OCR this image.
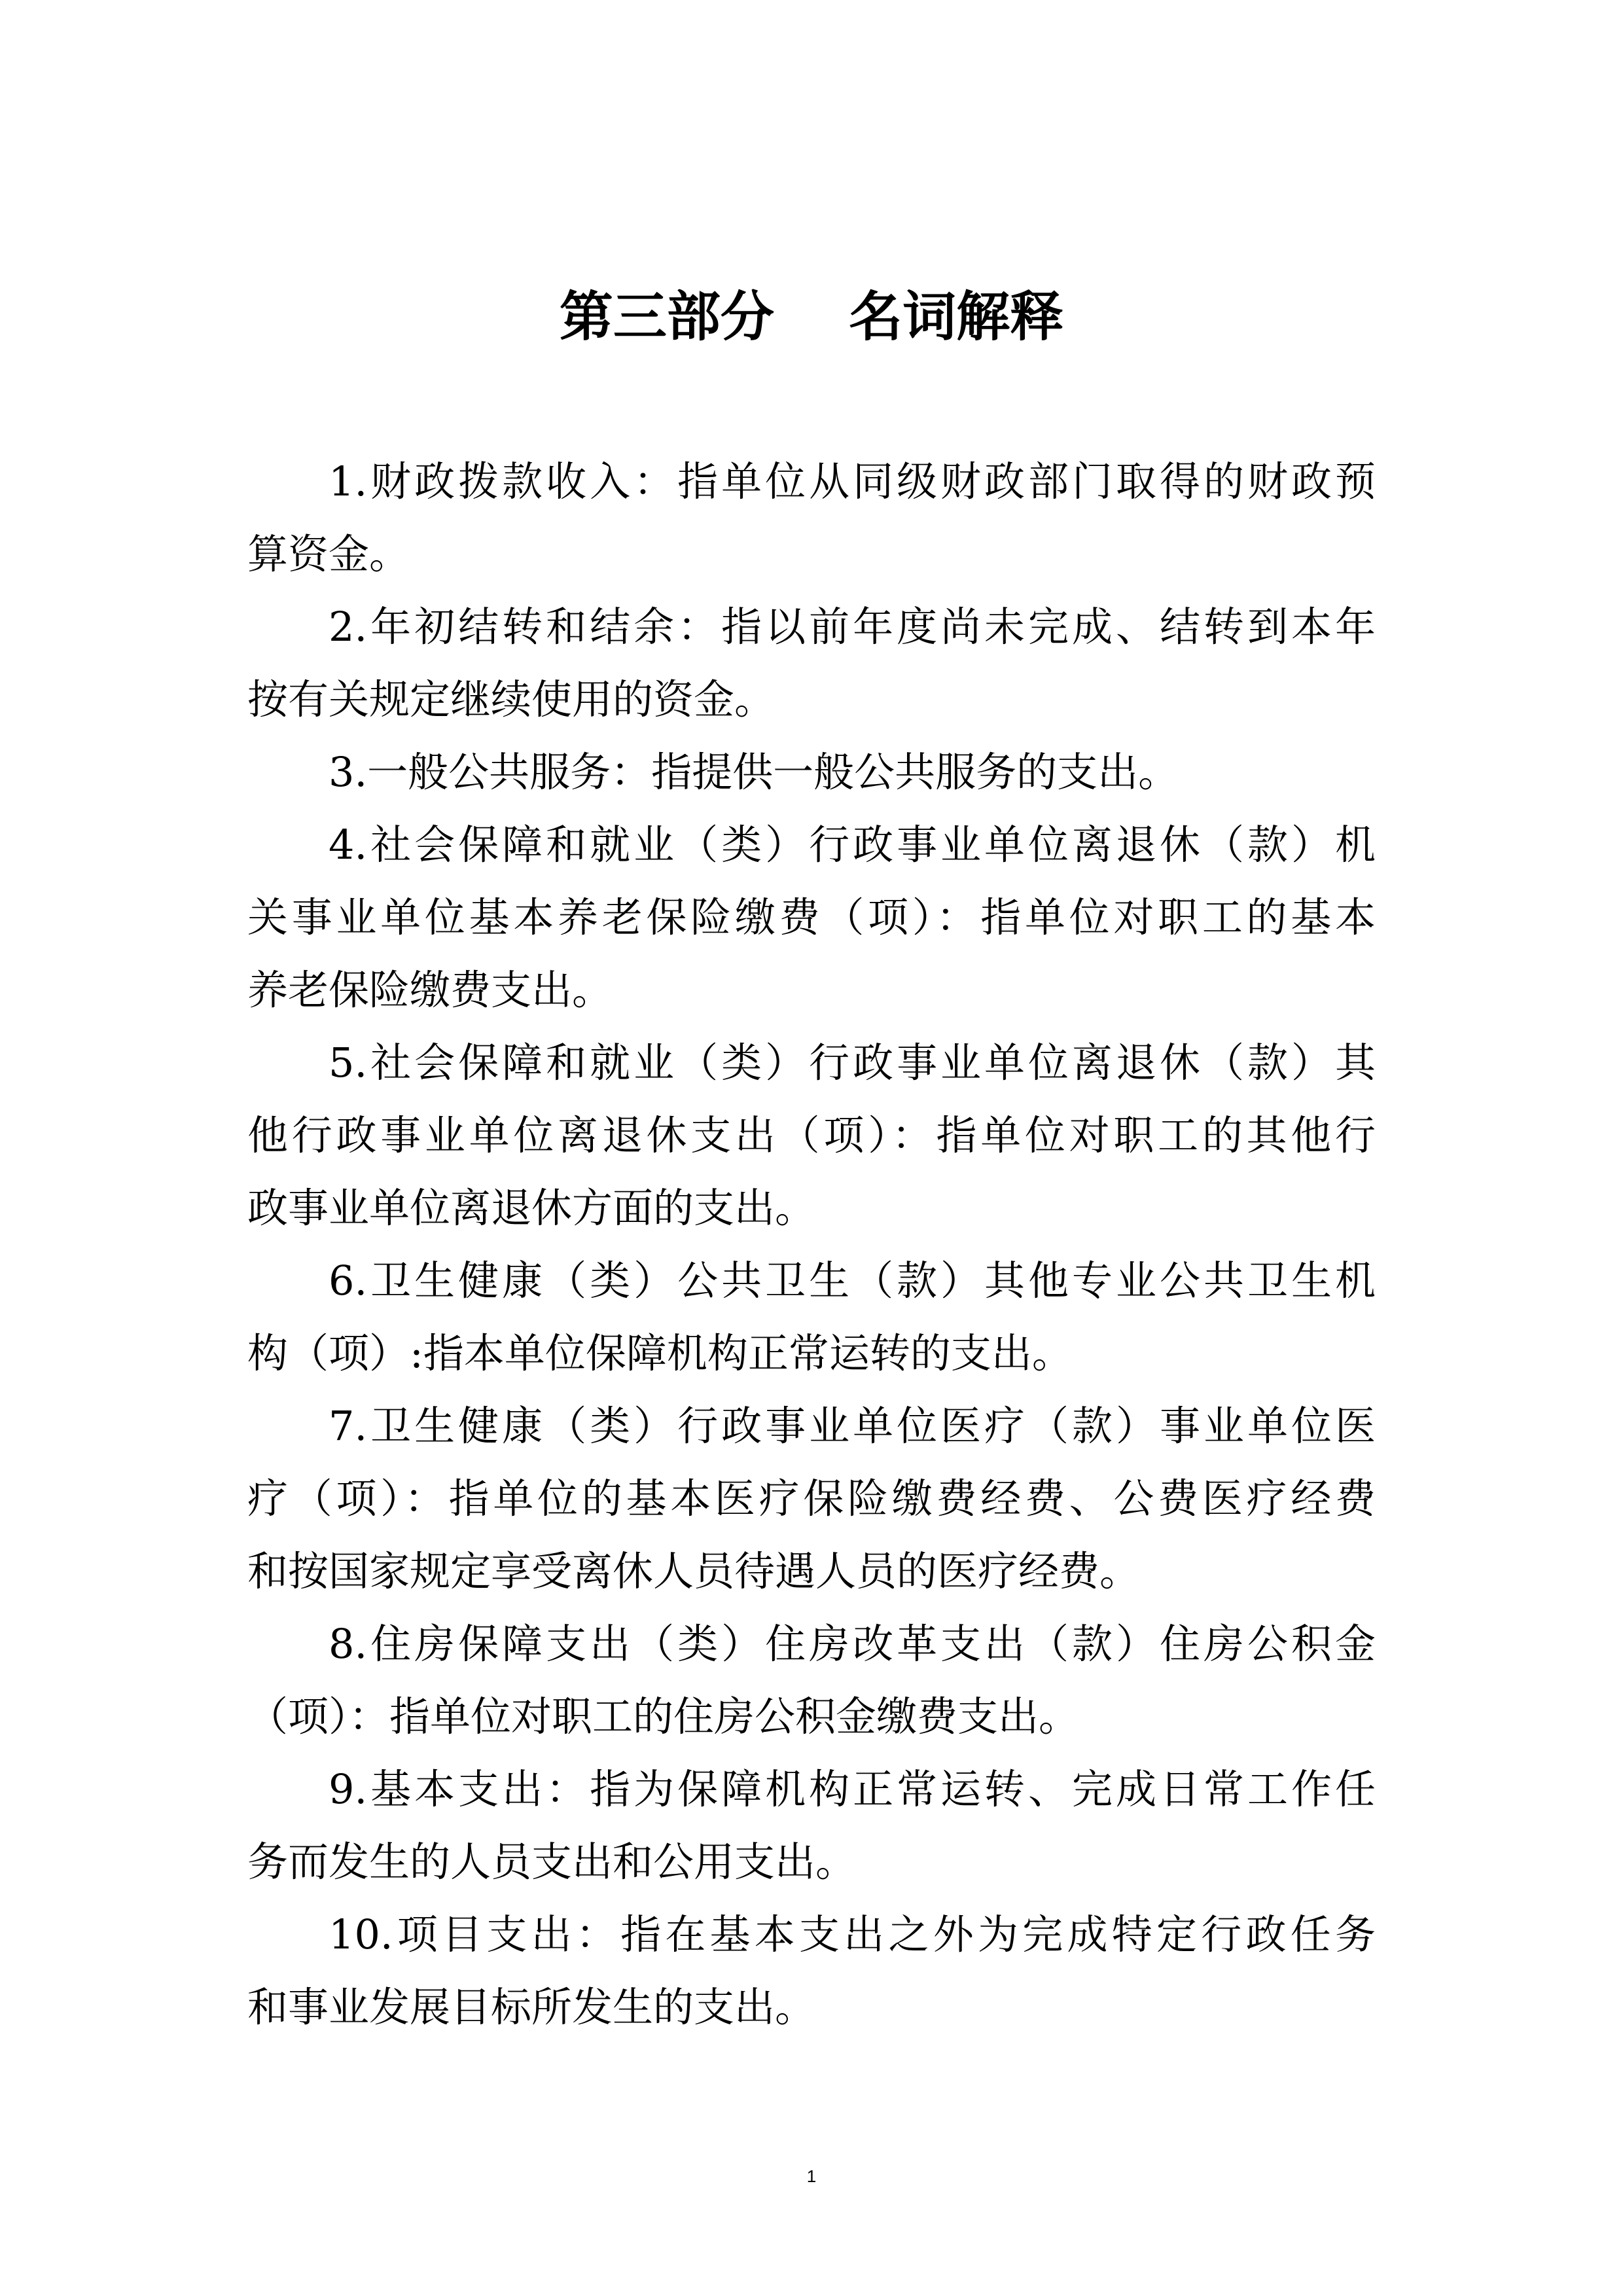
第三部分    名词解释
1.财政拨款收入：指单位从同级财政部门取得的财政预
算资金。
2.年初结转和结余：指以前年度尚未完成、结转到本年
按有关规定继续使用的资金。
3.一般公共服务：指提供一般公共服务的支出。
4.社会保障和就业（类）行政事业单位离退休（款）机
关事业单位基本养老保险缴费（项）：指单位对职工的基本
养老保险缴费支出。
5.社会保障和就业（类）行政事业单位离退休（款）其
他行政事业单位离退休支出（项）：指单位对职工的其他行
政事业单位离退休方面的支出。
6.卫生健康（类）公共卫生（款）其他专业公共卫生机
构（项）:指本单位保障机构正常运转的支出。
7.卫生健康（类）行政事业单位医疗（款）事业单位医
疗（项）：指单位的基本医疗保险缴费经费、公费医疗经费
和按国家规定享受离休人员待遇人员的医疗经费。
8.住房保障支出（类）住房改革支出（款）住房公积金
（项）：指单位对职工的住房公积金缴费支出。
9.基本支出：指为保障机构正常运转、完成日常工作任
务而发生的人员支出和公用支出。
10.项目支出：指在基本支出之外为完成特定行政任务
和事业发展目标所发生的支出。
1
